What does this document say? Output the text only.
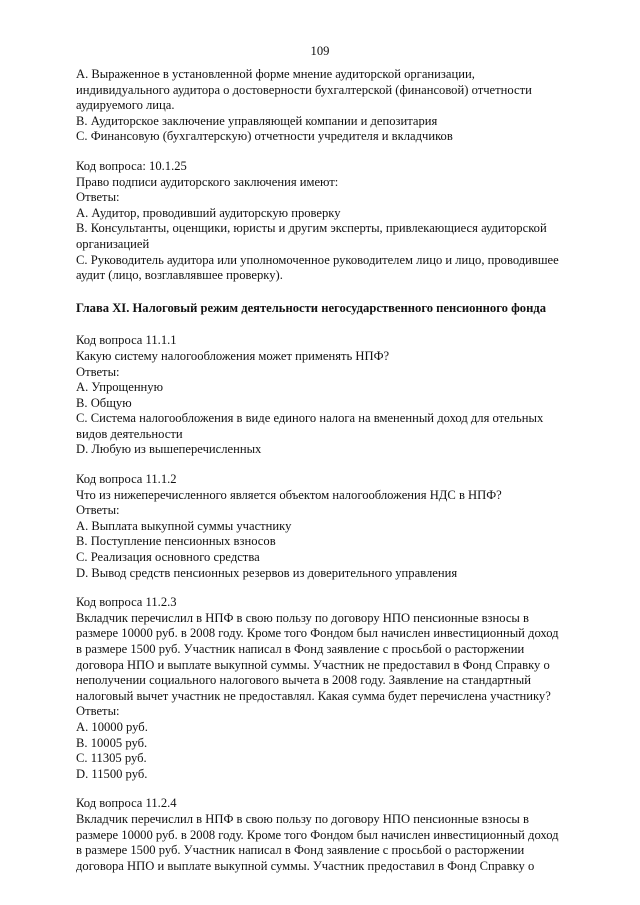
109
А. Выраженное в установленной форме мнение аудиторской организации,
индивидуального аудитора о достоверности бухгалтерской (финансовой) отчетности
аудируемого лица.
В. Аудиторское заключение управляющей компании и депозитария
С. Финансовую (бухгалтерскую) отчетности учредителя и вкладчиков
Код вопроса: 10.1.25
Право подписи аудиторского заключения имеют:
Ответы:
А. Аудитор, проводивший аудиторскую проверку
В. Консультанты, оценщики, юристы и другим эксперты, привлекающиеся аудиторской
организацией
С. Руководитель аудитора или уполномоченное руководителем лицо и лицо, проводившее
аудит (лицо, возглавлявшее проверку).
Глава XI. Налоговый режим деятельности негосударственного пенсионного фонда
Код вопроса 11.1.1
Какую систему налогообложения может применять НПФ?
Ответы:
А. Упрощенную
В. Общую
С. Система налогообложения в виде единого налога на вмененный доход для отельных
видов деятельности
D. Любую из вышеперечисленных
Код вопроса 11.1.2
Что из нижеперечисленного является объектом налогообложения НДС в НПФ?
Ответы:
А. Выплата выкупной суммы участнику
В. Поступление пенсионных взносов
С. Реализация основного средства
D. Вывод средств пенсионных резервов из доверительного управления
Код вопроса 11.2.3
Вкладчик перечислил в НПФ в свою пользу по договору НПО пенсионные взносы в
размере 10000 руб. в 2008 году. Кроме того Фондом был начислен инвестиционный доход
в размере 1500 руб. Участник написал в Фонд заявление с просьбой о расторжении
договора НПО и выплате выкупной суммы. Участник не предоставил в Фонд Справку о
неполучении социального налогового вычета в 2008 году. Заявление на стандартный
налоговый вычет участник не предоставлял. Какая сумма будет перечислена участнику?
Ответы:
А. 10000 руб.
В. 10005 руб.
С. 11305 руб.
D. 11500 руб.
Код вопроса 11.2.4
Вкладчик перечислил в НПФ в свою пользу по договору НПО пенсионные взносы в
размере 10000 руб. в 2008 году. Кроме того Фондом был начислен инвестиционный доход
в размере 1500 руб. Участник написал в Фонд заявление с просьбой о расторжении
договора НПО и выплате выкупной суммы. Участник предоставил в Фонд Справку о
